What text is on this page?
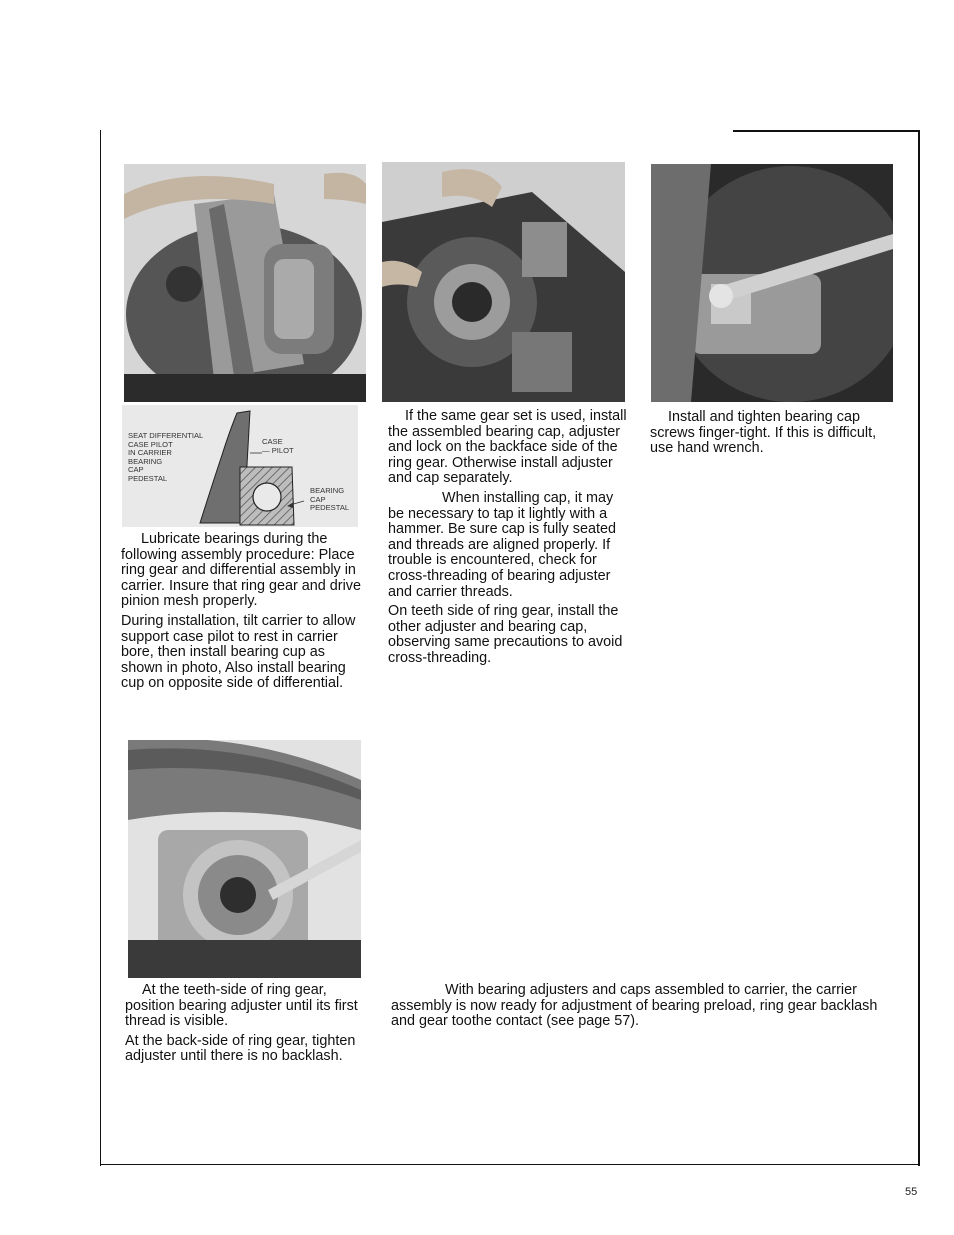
SEAT DIFFERENTIAL
CASE PILOT
IN CARRIER
BEARING
CAP
PEDESTAL

CASE
— PILOT

BEARING
CAP
PEDESTAL

Lubricate bearings during the following assembly procedure: Place ring gear and differential assembly in carrier. Insure that ring gear and drive pinion mesh properly.

During installation, tilt carrier to allow support case pilot to rest in carrier bore, then install bearing cup as shown in photo, Also install bearing cup on opposite side of differential.

If the same gear set is used, install the assembled bearing cap, adjuster and lock on the backface side of the ring gear. Otherwise install adjuster and cap separately.

When installing cap, it may be necessary to tap it lightly with a hammer. Be sure cap is fully seated and threads are aligned properly. If trouble is encountered, check for cross-threading of bearing adjuster and carrier threads.

On teeth side of ring gear, install the other adjuster and bearing cap, observing same precautions to avoid cross-threading.

Install and tighten bearing cap screws finger-tight. If this is difficult, use hand wrench.

At the teeth-side of ring gear, position bearing adjuster until its first thread is visible.

At the back-side of ring gear, tighten adjuster until there is no backlash.

With bearing adjusters and caps assembled to carrier, the carrier assembly is now ready for adjustment of bearing preload, ring gear backlash and gear toothe contact (see page 57).

55
